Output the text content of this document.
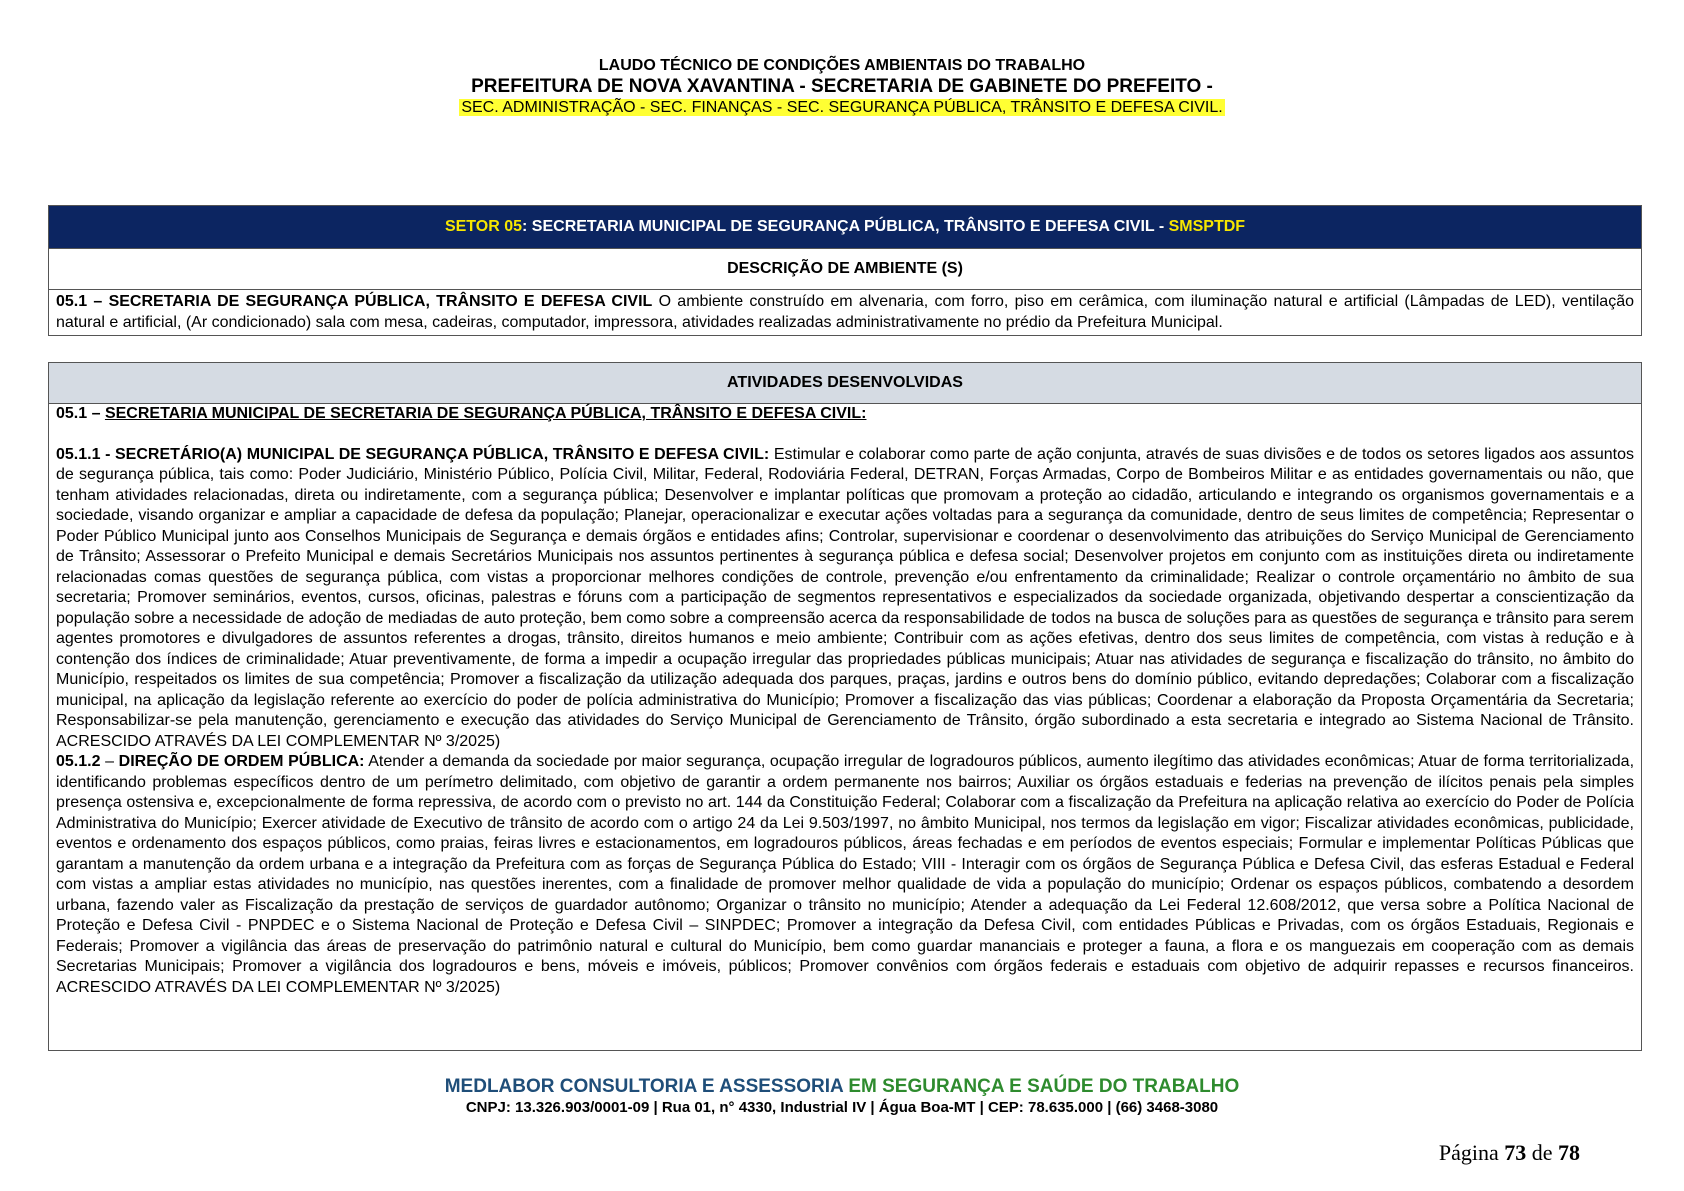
LAUDO TÉCNICO DE CONDIÇÕES AMBIENTAIS DO TRABALHO
PREFEITURA DE NOVA XAVANTINA - SECRETARIA DE GABINETE DO PREFEITO -
SEC. ADMINISTRAÇÃO - SEC. FINANÇAS - SEC. SEGURANÇA PÚBLICA, TRÂNSITO E DEFESA CIVIL.
SETOR 05: SECRETARIA MUNICIPAL DE SEGURANÇA PÚBLICA, TRÂNSITO E DEFESA CIVIL - SMSPTDF
DESCRIÇÃO DE AMBIENTE (S)
05.1 – SECRETARIA DE SEGURANÇA PÚBLICA, TRÂNSITO E DEFESA CIVIL O ambiente construído em alvenaria, com forro, piso em cerâmica, com iluminação natural e artificial (Lâmpadas de LED), ventilação natural e artificial, (Ar condicionado) sala com mesa, cadeiras, computador, impressora, atividades realizadas administrativamente no prédio da Prefeitura Municipal.
ATIVIDADES DESENVOLVIDAS
05.1 – SECRETARIA MUNICIPAL DE SECRETARIA DE SEGURANÇA PÚBLICA, TRÂNSITO E DEFESA CIVIL:
05.1.1 - SECRETÁRIO(A) MUNICIPAL DE SEGURANÇA PÚBLICA, TRÂNSITO E DEFESA CIVIL: Estimular e colaborar como parte de ação conjunta, através de suas divisões e de todos os setores ligados aos assuntos de segurança pública, tais como: Poder Judiciário, Ministério Público, Polícia Civil, Militar, Federal, Rodoviária Federal, DETRAN, Forças Armadas, Corpo de Bombeiros Militar e as entidades governamentais ou não, que tenham atividades relacionadas, direta ou indiretamente, com a segurança pública; Desenvolver e implantar políticas que promovam a proteção ao cidadão, articulando e integrando os organismos governamentais e a sociedade, visando organizar e ampliar a capacidade de defesa da população; Planejar, operacionalizar e executar ações voltadas para a segurança da comunidade, dentro de seus limites de competência; Representar o Poder Público Municipal junto aos Conselhos Municipais de Segurança e demais órgãos e entidades afins; Controlar, supervisionar e coordenar o desenvolvimento das atribuições do Serviço Municipal de Gerenciamento de Trânsito; Assessorar o Prefeito Municipal e demais Secretários Municipais nos assuntos pertinentes à segurança pública e defesa social; Desenvolver projetos em conjunto com as instituições direta ou indiretamente relacionadas comas questões de segurança pública, com vistas a proporcionar melhores condições de controle, prevenção e/ou enfrentamento da criminalidade; Realizar o controle orçamentário no âmbito de sua secretaria; Promover seminários, eventos, cursos, oficinas, palestras e fóruns com a participação de segmentos representativos e especializados da sociedade organizada, objetivando despertar a conscientização da população sobre a necessidade de adoção de mediadas de auto proteção, bem como sobre a compreensão acerca da responsabilidade de todos na busca de soluções para as questões de segurança e trânsito para serem agentes promotores e divulgadores de assuntos referentes a drogas, trânsito, direitos humanos e meio ambiente; Contribuir com as ações efetivas, dentro dos seus limites de competência, com vistas à redução e à contenção dos índices de criminalidade; Atuar preventivamente, de forma a impedir a ocupação irregular das propriedades públicas municipais; Atuar nas atividades de segurança e fiscalização do trânsito, no âmbito do Município, respeitados os limites de sua competência; Promover a fiscalização da utilização adequada dos parques, praças, jardins e outros bens do domínio público, evitando depredações; Colaborar com a fiscalização municipal, na aplicação da legislação referente ao exercício do poder de polícia administrativa do Município; Promover a fiscalização das vias públicas; Coordenar a elaboração da Proposta Orçamentária da Secretaria; Responsabilizar-se pela manutenção, gerenciamento e execução das atividades do Serviço Municipal de Gerenciamento de Trânsito, órgão subordinado a esta secretaria e integrado ao Sistema Nacional de Trânsito. ACRESCIDO ATRAVÉS DA LEI COMPLEMENTAR Nº 3/2025)
05.1.2 – DIREÇÃO DE ORDEM PÚBLICA: Atender a demanda da sociedade por maior segurança, ocupação irregular de logradouros públicos, aumento ilegítimo das atividades econômicas; Atuar de forma territorializada, identificando problemas específicos dentro de um perímetro delimitado, com objetivo de garantir a ordem permanente nos bairros; Auxiliar os órgãos estaduais e federias na prevenção de ilícitos penais pela simples presença ostensiva e, excepcionalmente de forma repressiva, de acordo com o previsto no art. 144 da Constituição Federal; Colaborar com a fiscalização da Prefeitura na aplicação relativa ao exercício do Poder de Polícia Administrativa do Município; Exercer atividade de Executivo de trânsito de acordo com o artigo 24 da Lei 9.503/1997, no âmbito Municipal, nos termos da legislação em vigor; Fiscalizar atividades econômicas, publicidade, eventos e ordenamento dos espaços públicos, como praias, feiras livres e estacionamentos, em logradouros públicos, áreas fechadas e em períodos de eventos especiais; Formular e implementar Políticas Públicas que garantam a manutenção da ordem urbana e a integração da Prefeitura com as forças de Segurança Pública do Estado; VIII - Interagir com os órgãos de Segurança Pública e Defesa Civil, das esferas Estadual e Federal com vistas a ampliar estas atividades no município, nas questões inerentes, com a finalidade de promover melhor qualidade de vida a população do município; Ordenar os espaços públicos, combatendo a desordem urbana, fazendo valer as Fiscalização da prestação de serviços de guardador autônomo; Organizar o trânsito no município; Atender a adequação da Lei Federal 12.608/2012, que versa sobre a Política Nacional de Proteção e Defesa Civil - PNPDEC e o Sistema Nacional de Proteção e Defesa Civil – SINPDEC; Promover a integração da Defesa Civil, com entidades Públicas e Privadas, com os órgãos Estaduais, Regionais e Federais; Promover a vigilância das áreas de preservação do patrimônio natural e cultural do Município, bem como guardar mananciais e proteger a fauna, a flora e os manguezais em cooperação com as demais Secretarias Municipais; Promover a vigilância dos logradouros e bens, móveis e imóveis, públicos; Promover convênios com órgãos federais e estaduais com objetivo de adquirir repasses e recursos financeiros. ACRESCIDO ATRAVÉS DA LEI COMPLEMENTAR Nº 3/2025)
MEDLABOR CONSULTORIA E ASSESSORIA EM SEGURANÇA E SAÚDE DO TRABALHO
CNPJ: 13.326.903/0001-09 | Rua 01, n° 4330, Industrial IV | Água Boa-MT | CEP: 78.635.000 | (66) 3468-3080
Página 73 de 78
